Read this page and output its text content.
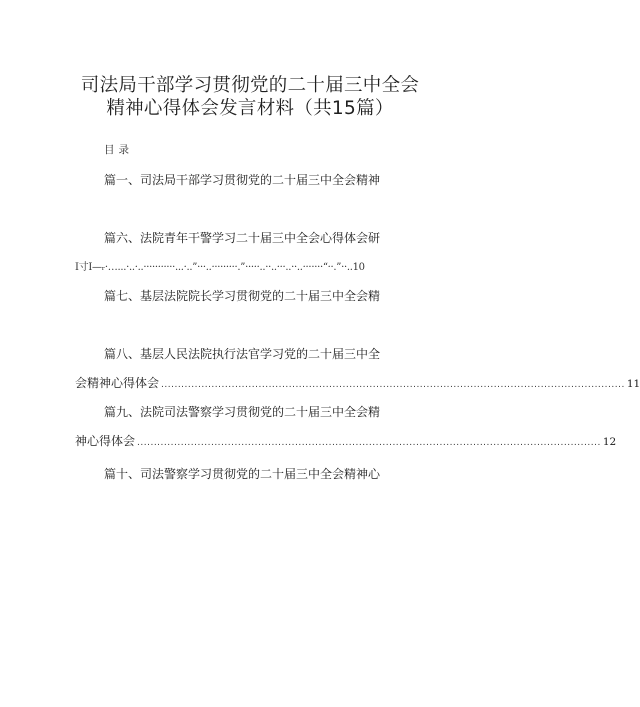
司法局干部学习贯彻党的二十届三中全会
精神心得体会发言材料（共15篇）
目录
篇一、司法局干部学习贯彻党的二十届三中全会精神
篇六、法院青年干警学习二十届三中全会心得体会研
I寸I—ᵣ·…...·..·..···········...·..”···..·········.”·····..··..···..··..·······“··.”··..10
篇七、基层法院院长学习贯彻党的二十届三中全会精
篇八、基层人民法院执行法官学习党的二十届三中全
会精神心得体会 .......................................................................................................................................... 11
篇九、法院司法警察学习贯彻党的二十届三中全会精
神心得体会 .......................................................................................................................................... 12
篇十、司法警察学习贯彻党的二十届三中全会精神心
